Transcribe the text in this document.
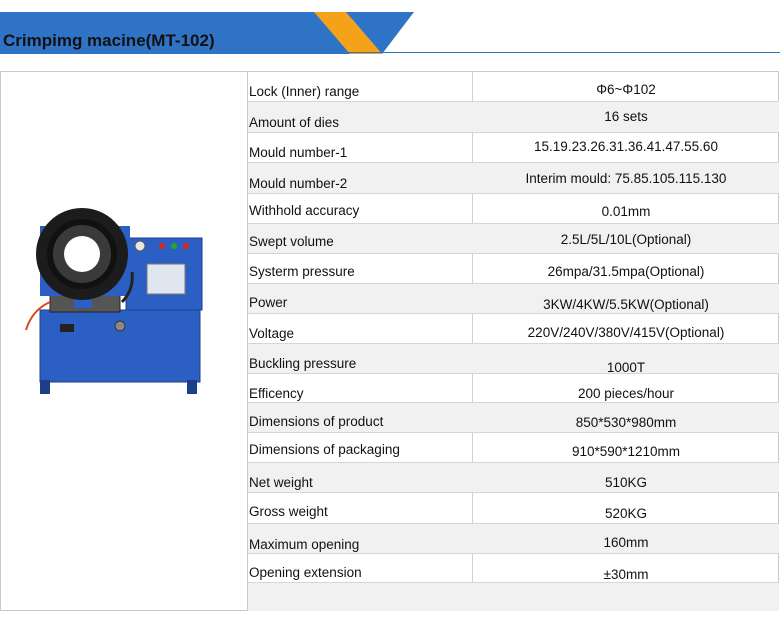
Crimpimg macine(MT-102)
Lock (Inner) range	Φ6~Φ102
Amount of dies	16 sets
Mould number-1	15.19.23.26.31.36.41.47.55.60
Mould number-2	Interim mould: 75.85.105.115.130
Withhold accuracy	0.01mm
Swept volume	2.5L/5L/10L(Optional)
Systerm pressure	26mpa/31.5mpa(Optional)
Power	3KW/4KW/5.5KW(Optional)
Voltage	220V/240V/380V/415V(Optional)
Buckling pressure	1000T
Efficency	200 pieces/hour
Dimensions of product	850*530*980mm
Dimensions of packaging	910*590*1210mm
Net weight	510KG
Gross weight	520KG
Maximum opening	160mm
Opening extension	±30mm
